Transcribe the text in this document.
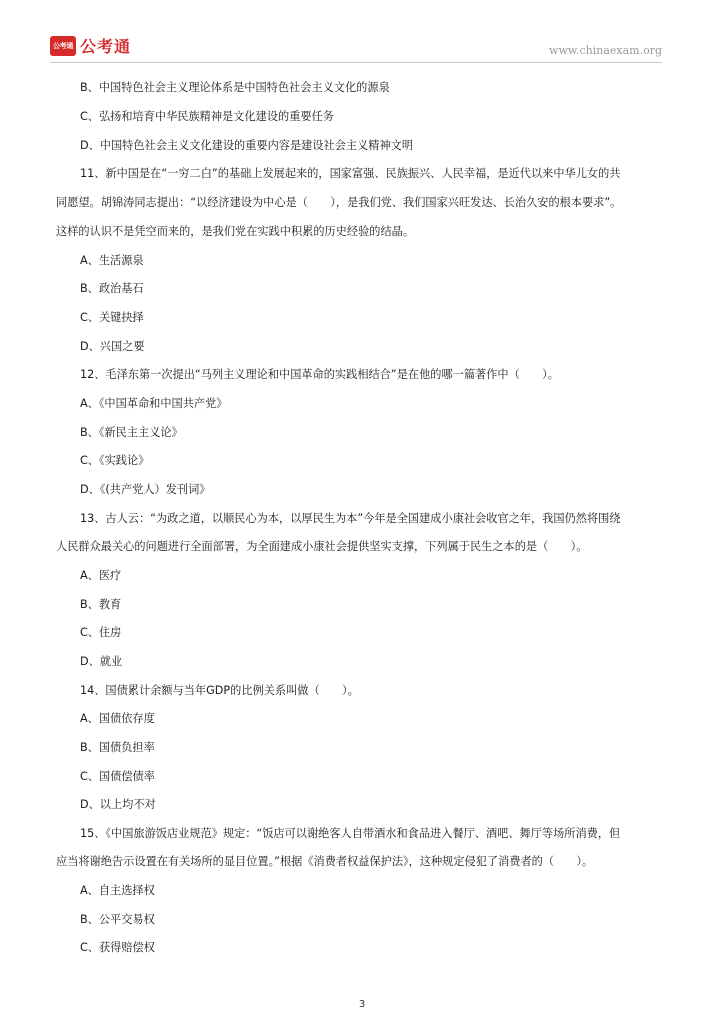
公考通 公考通	www.chinaexam.org
B、中国特色社会主义理论体系是中国特色社会主义文化的源泉
C、弘扬和培育中华民族精神是文化建设的重要任务
D、中国特色社会主义文化建设的重要内容是建设社会主义精神文明
11、新中国是在“一穷二白”的基础上发展起来的，国家富强、民族振兴、人民幸福，是近代以来中华儿女的共
同愿望。胡锦涛同志提出：“以经济建设为中心是（　　），是我们党、我们国家兴旺发达、长治久安的根本要求”。
这样的认识不是凭空而来的，是我们党在实践中积累的历史经验的结晶。
A、生活源泉
B、政治基石
C、关键抉择
D、兴国之要
12、毛泽东第一次提出“马列主义理论和中国革命的实践相结合”是在他的哪一篇著作中（　　）。
A、《中国革命和中国共产党》
B、《新民主主义论》
C、《实践论》
D、《(共产党人）发刊词》
13、古人云：“为政之道，以顺民心为本，以厚民生为本”今年是全国建成小康社会收官之年，我国仍然将围绕
人民群众最关心的问题进行全面部署，为全面建成小康社会提供坚实支撑，下列属于民生之本的是（　　）。
A、医疗
B、教育
C、住房
D、就业
14、国债累计余额与当年GDP的比例关系叫做（　　）。
A、国债依存度
B、国债负担率
C、国债偿债率
D、以上均不对
15、《中国旅游饭店业规范》规定：“饭店可以谢绝客人自带酒水和食品进入餐厅、酒吧、舞厅等场所消费，但
应当将谢绝告示设置在有关场所的显目位置。”根据《消费者权益保护法》，这种规定侵犯了消费者的（　　）。
A、自主选择权
B、公平交易权
C、获得赔偿权
3
